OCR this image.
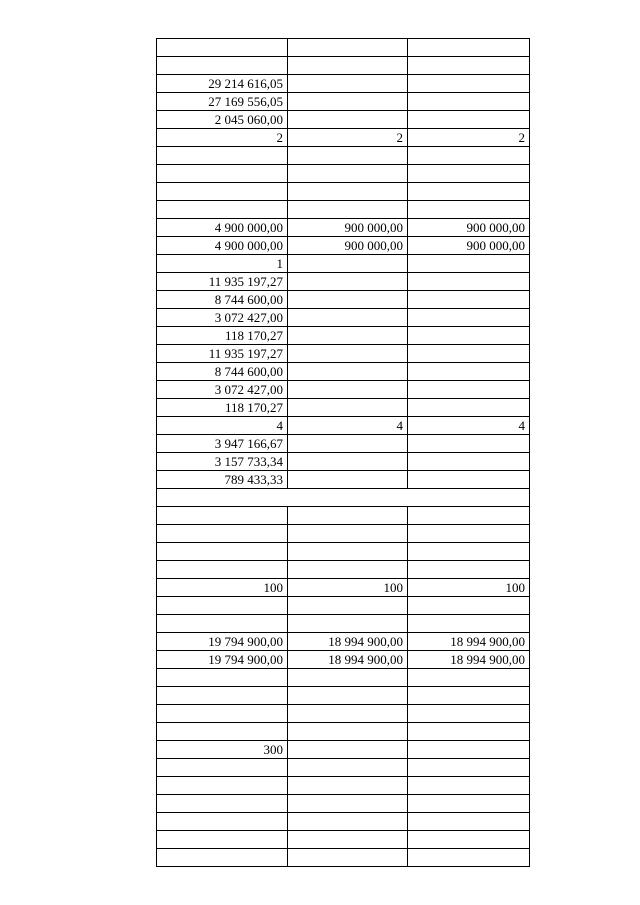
29 214 616,05
27 169 556,05
2 045 060,00
2	2	2
4 900 000,00	900 000,00	900 000,00
4 900 000,00	900 000,00	900 000,00
1
11 935 197,27
8 744 600,00
3 072 427,00
118 170,27
11 935 197,27
8 744 600,00
3 072 427,00
118 170,27
4	4	4
3 947 166,67
3 157 733,34
789 433,33
100	100	100
19 794 900,00	18 994 900,00	18 994 900,00
19 794 900,00	18 994 900,00	18 994 900,00
300
